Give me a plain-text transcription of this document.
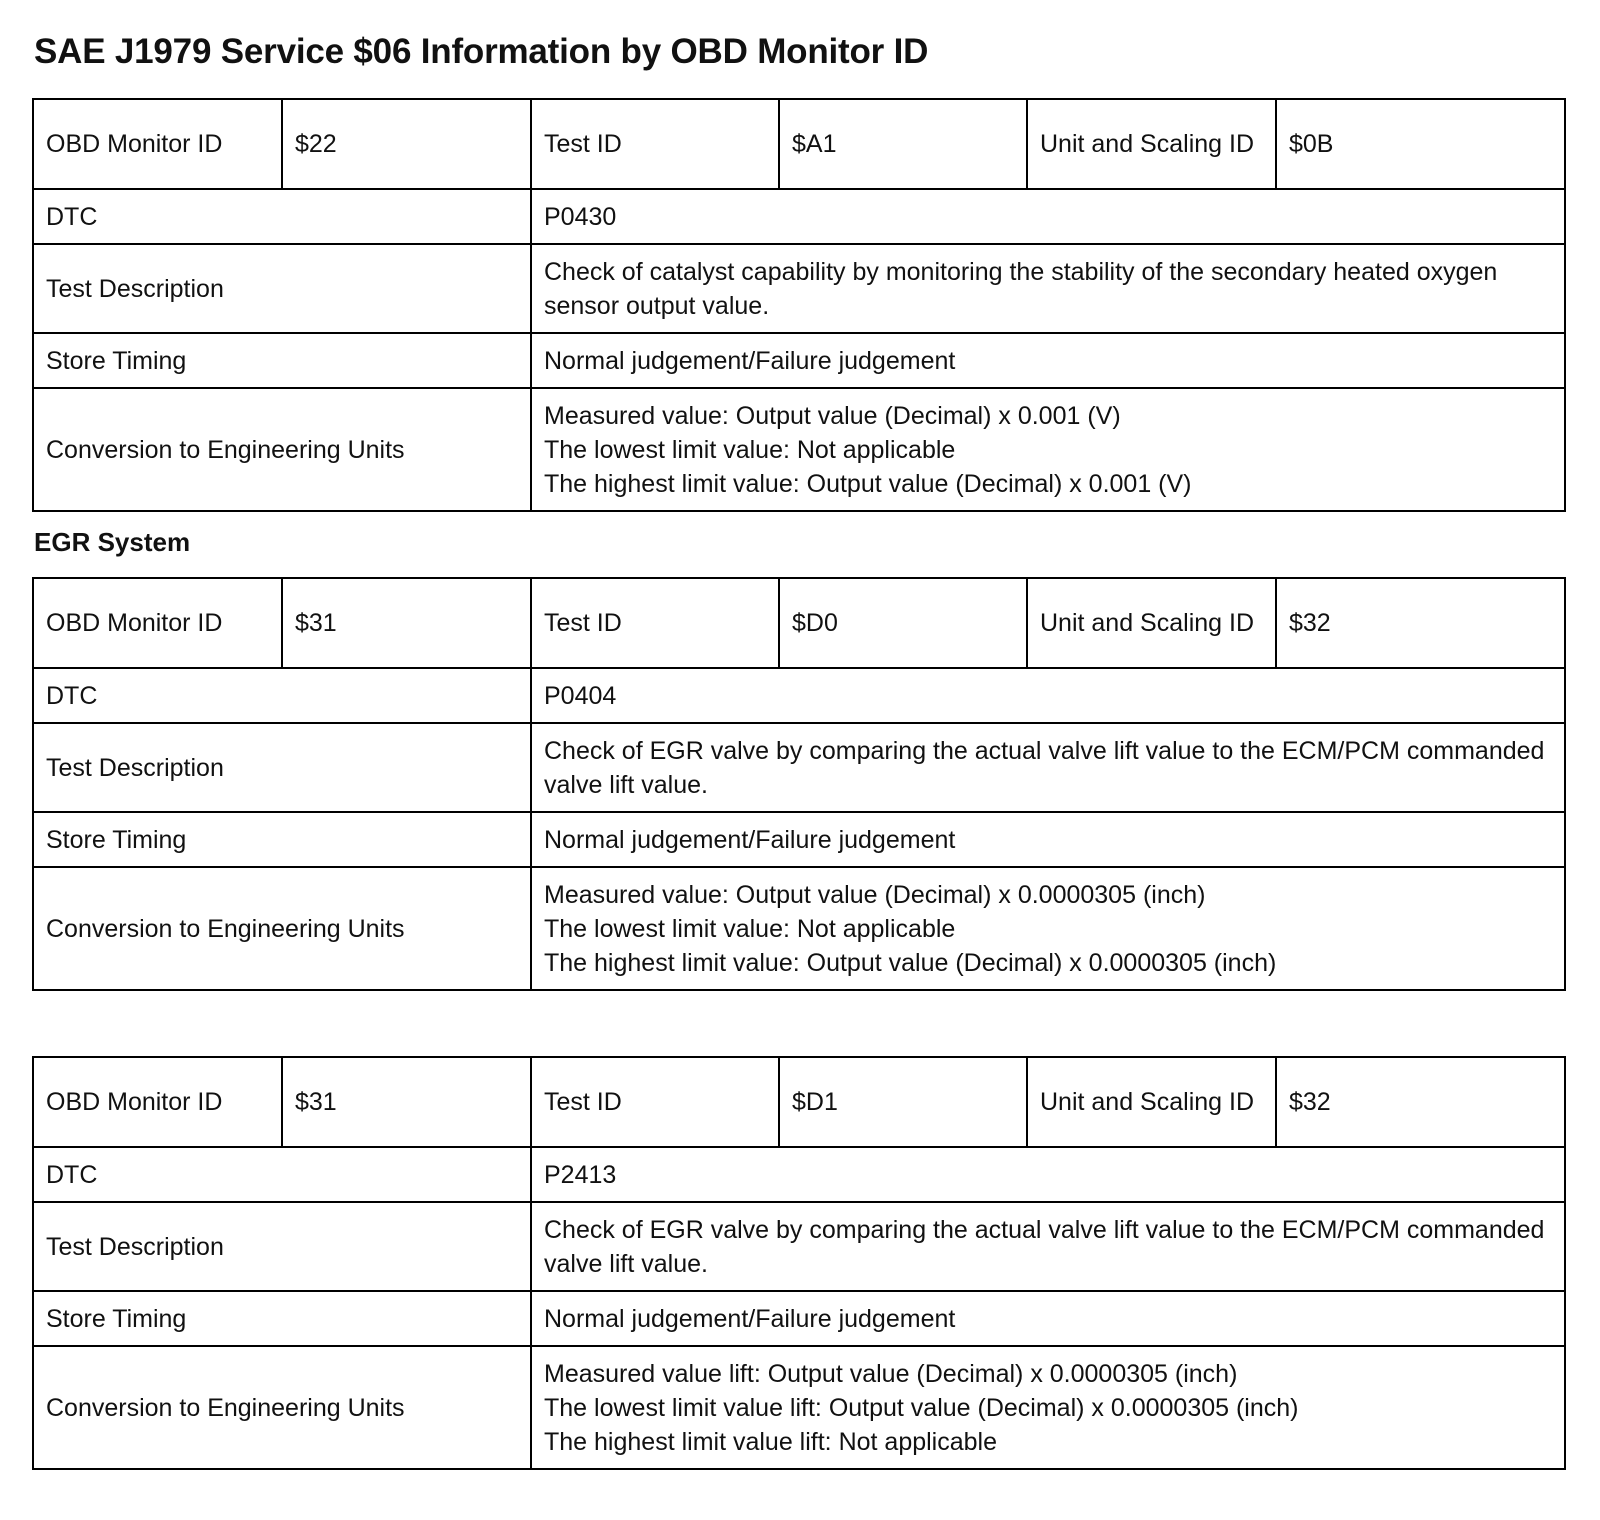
SAE J1979 Service $06 Information by OBD Monitor ID
OBD Monitor ID	$22	Test ID	$A1	Unit and Scaling ID	$0B
DTC		P0430			
Test Description		Check of catalyst capability by monitoring the stability of the secondary heated oxygen sensor output value.			
Store Timing		Normal judgement/Failure judgement			
Conversion to Engineering Units		Measured value: Output value (Decimal) x 0.001 (V)
The lowest limit value: Not applicable
The highest limit value: Output value (Decimal) x 0.001 (V)			
EGR System
OBD Monitor ID	$31	Test ID	$D0	Unit and Scaling ID	$32
DTC		P0404			
Test Description		Check of EGR valve by comparing the actual valve lift value to the ECM/PCM commanded valve lift value.			
Store Timing		Normal judgement/Failure judgement			
Conversion to Engineering Units		Measured value: Output value (Decimal) x 0.0000305 (inch)
The lowest limit value: Not applicable
The highest limit value: Output value (Decimal) x 0.0000305 (inch)			
OBD Monitor ID	$31	Test ID	$D1	Unit and Scaling ID	$32
DTC		P2413			
Test Description		Check of EGR valve by comparing the actual valve lift value to the ECM/PCM commanded valve lift value.			
Store Timing		Normal judgement/Failure judgement			
Conversion to Engineering Units		Measured value lift: Output value (Decimal) x 0.0000305 (inch)
The lowest limit value lift: Output value (Decimal) x 0.0000305 (inch)
The highest limit value lift: Not applicable			
